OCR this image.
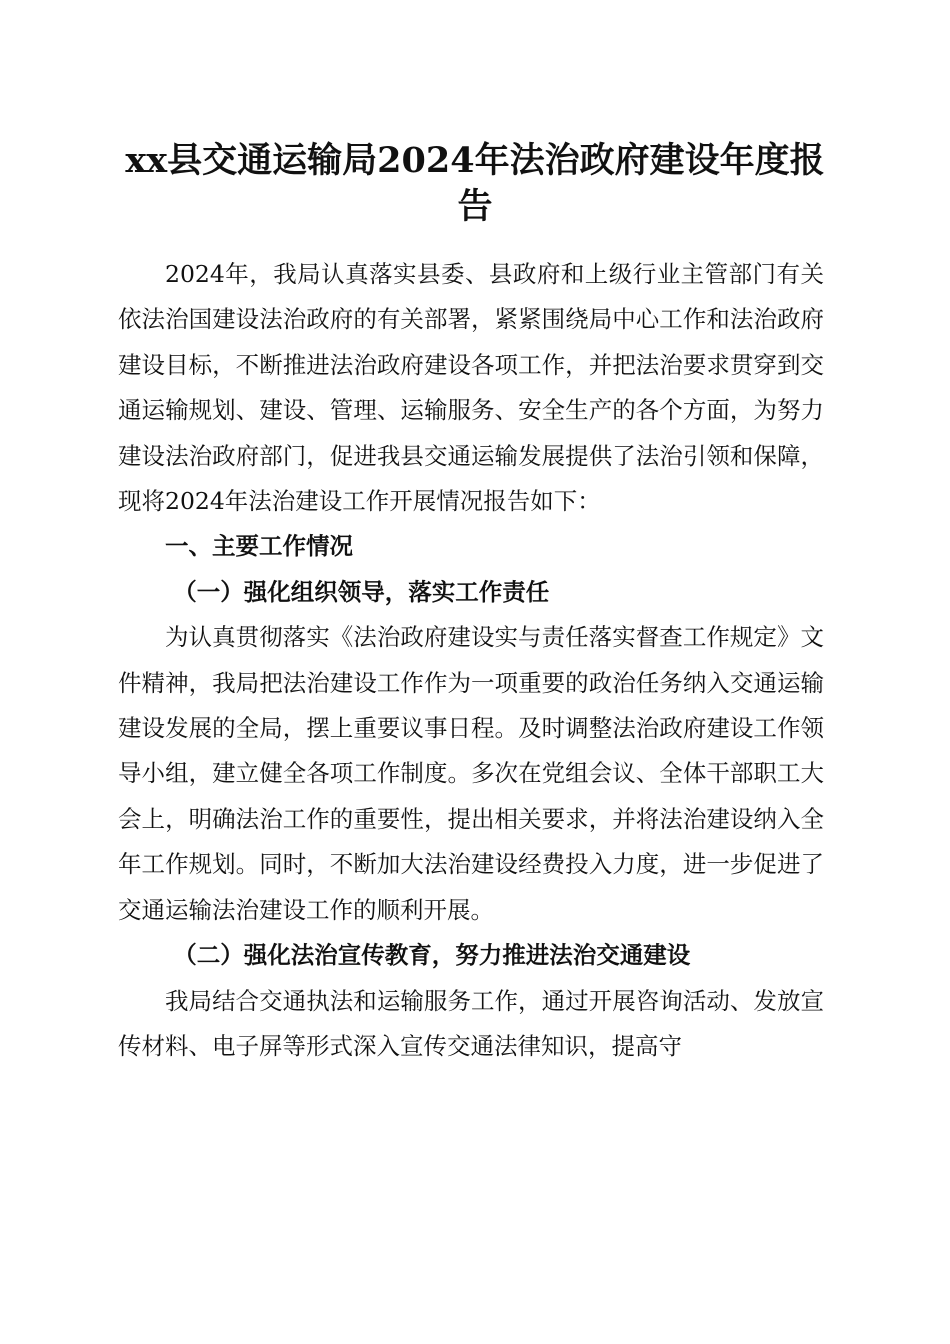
xx县交通运输局2024年法治政府建设年度报告

2024年，我局认真落实县委、县政府和上级行业主管部门有关依法治国建设法治政府的有关部署，紧紧围绕局中心工作和法治政府建设目标，不断推进法治政府建设各项工作，并把法治要求贯穿到交通运输规划、建设、管理、运输服务、安全生产的各个方面，为努力建设法治政府部门，促进我县交通运输发展提供了法治引领和保障，现将2024年法治建设工作开展情况报告如下：

一、主要工作情况

（一）强化组织领导，落实工作责任

为认真贯彻落实《法治政府建设实与责任落实督查工作规定》文件精神，我局把法治建设工作作为一项重要的政治任务纳入交通运输建设发展的全局，摆上重要议事日程。及时调整法治政府建设工作领导小组，建立健全各项工作制度。多次在党组会议、全体干部职工大会上，明确法治工作的重要性，提出相关要求，并将法治建设纳入全年工作规划。同时，不断加大法治建设经费投入力度，进一步促进了交通运输法治建设工作的顺利开展。

（二）强化法治宣传教育，努力推进法治交通建设

我局结合交通执法和运输服务工作，通过开展咨询活动、发放宣传材料、电子屏等形式深入宣传交通法律知识，提高守
